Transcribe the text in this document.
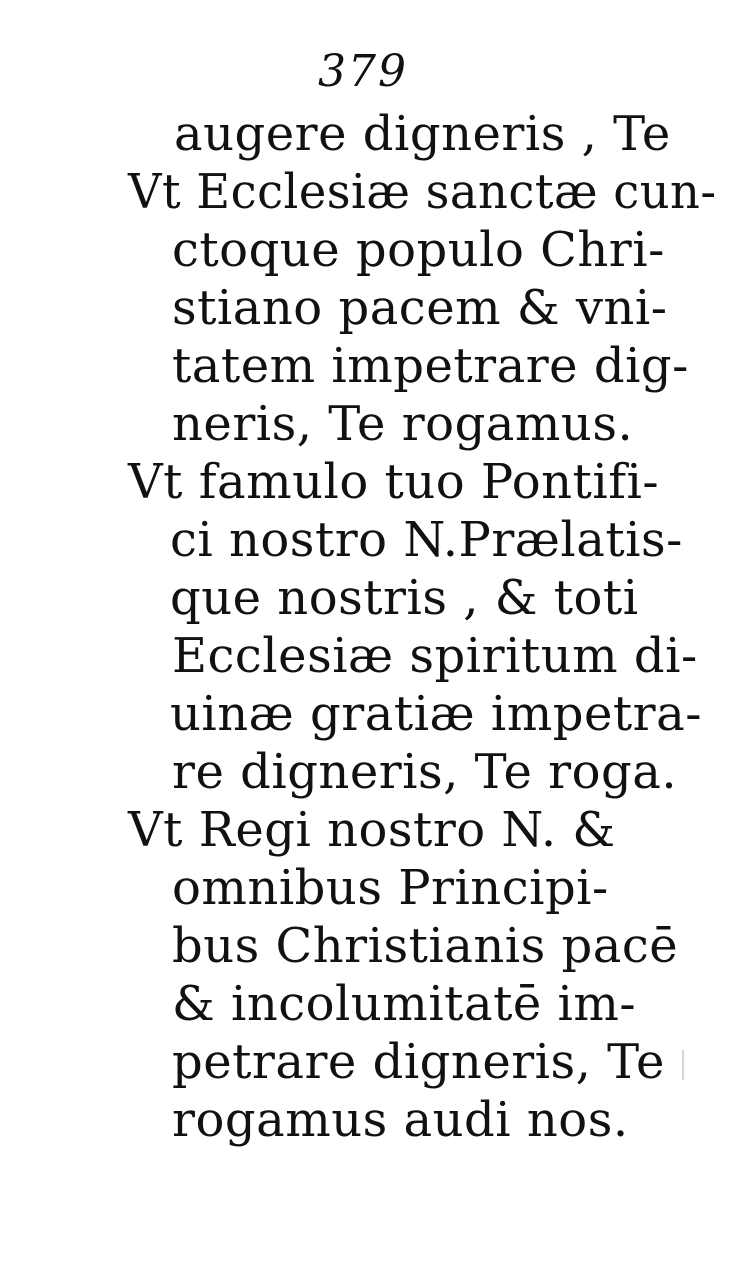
379
augere digneris , Te
Vt Ecclesiæ sanctæ cun-
ctoque populo Chri-
stiano pacem & vni-
tatem impetrare dig-
neris, Te rogamus.
Vt famulo tuo Pontifi-
ci nostro N.Prælatis-
que nostris , & toti
Ecclesiæ spiritum di-
uinæ gratiæ impetra-
re digneris, Te roga.
Vt Regi nostro N. &
omnibus Principi-
bus Christianis pacē
& incolumitatē im-
petrare digneris, Te
rogamus audi nos.
